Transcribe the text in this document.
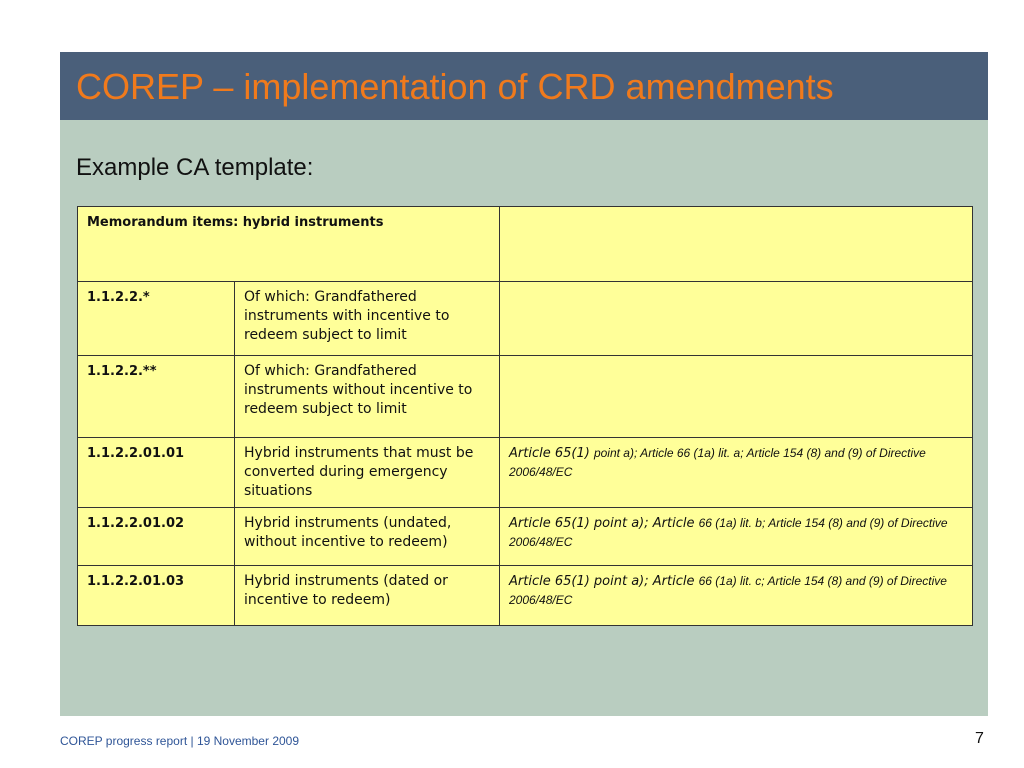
COREP – implementation of CRD amendments
Example CA template:
Memorandum items: hybrid instruments		
1.1.2.2.*	Of which: Grandfathered instruments with incentive to redeem subject to limit	
1.1.2.2.**	Of which: Grandfathered instruments without incentive to redeem subject to limit	
1.1.2.2.01.01	Hybrid instruments that must be converted during emergency situations	Article 65(1) point a); Article 66 (1a) lit. a; Article 154 (8) and (9) of Directive 2006/48/EC
1.1.2.2.01.02	Hybrid instruments (undated, without incentive to redeem)	Article 65(1) point a); Article 66 (1a) lit. b; Article 154 (8) and (9) of Directive 2006/48/EC
1.1.2.2.01.03	Hybrid instruments (dated or incentive to redeem)	Article 65(1) point a); Article 66 (1a) lit. c; Article 154 (8) and (9) of Directive 2006/48/EC
COREP progress report | 19 November 2009	7
